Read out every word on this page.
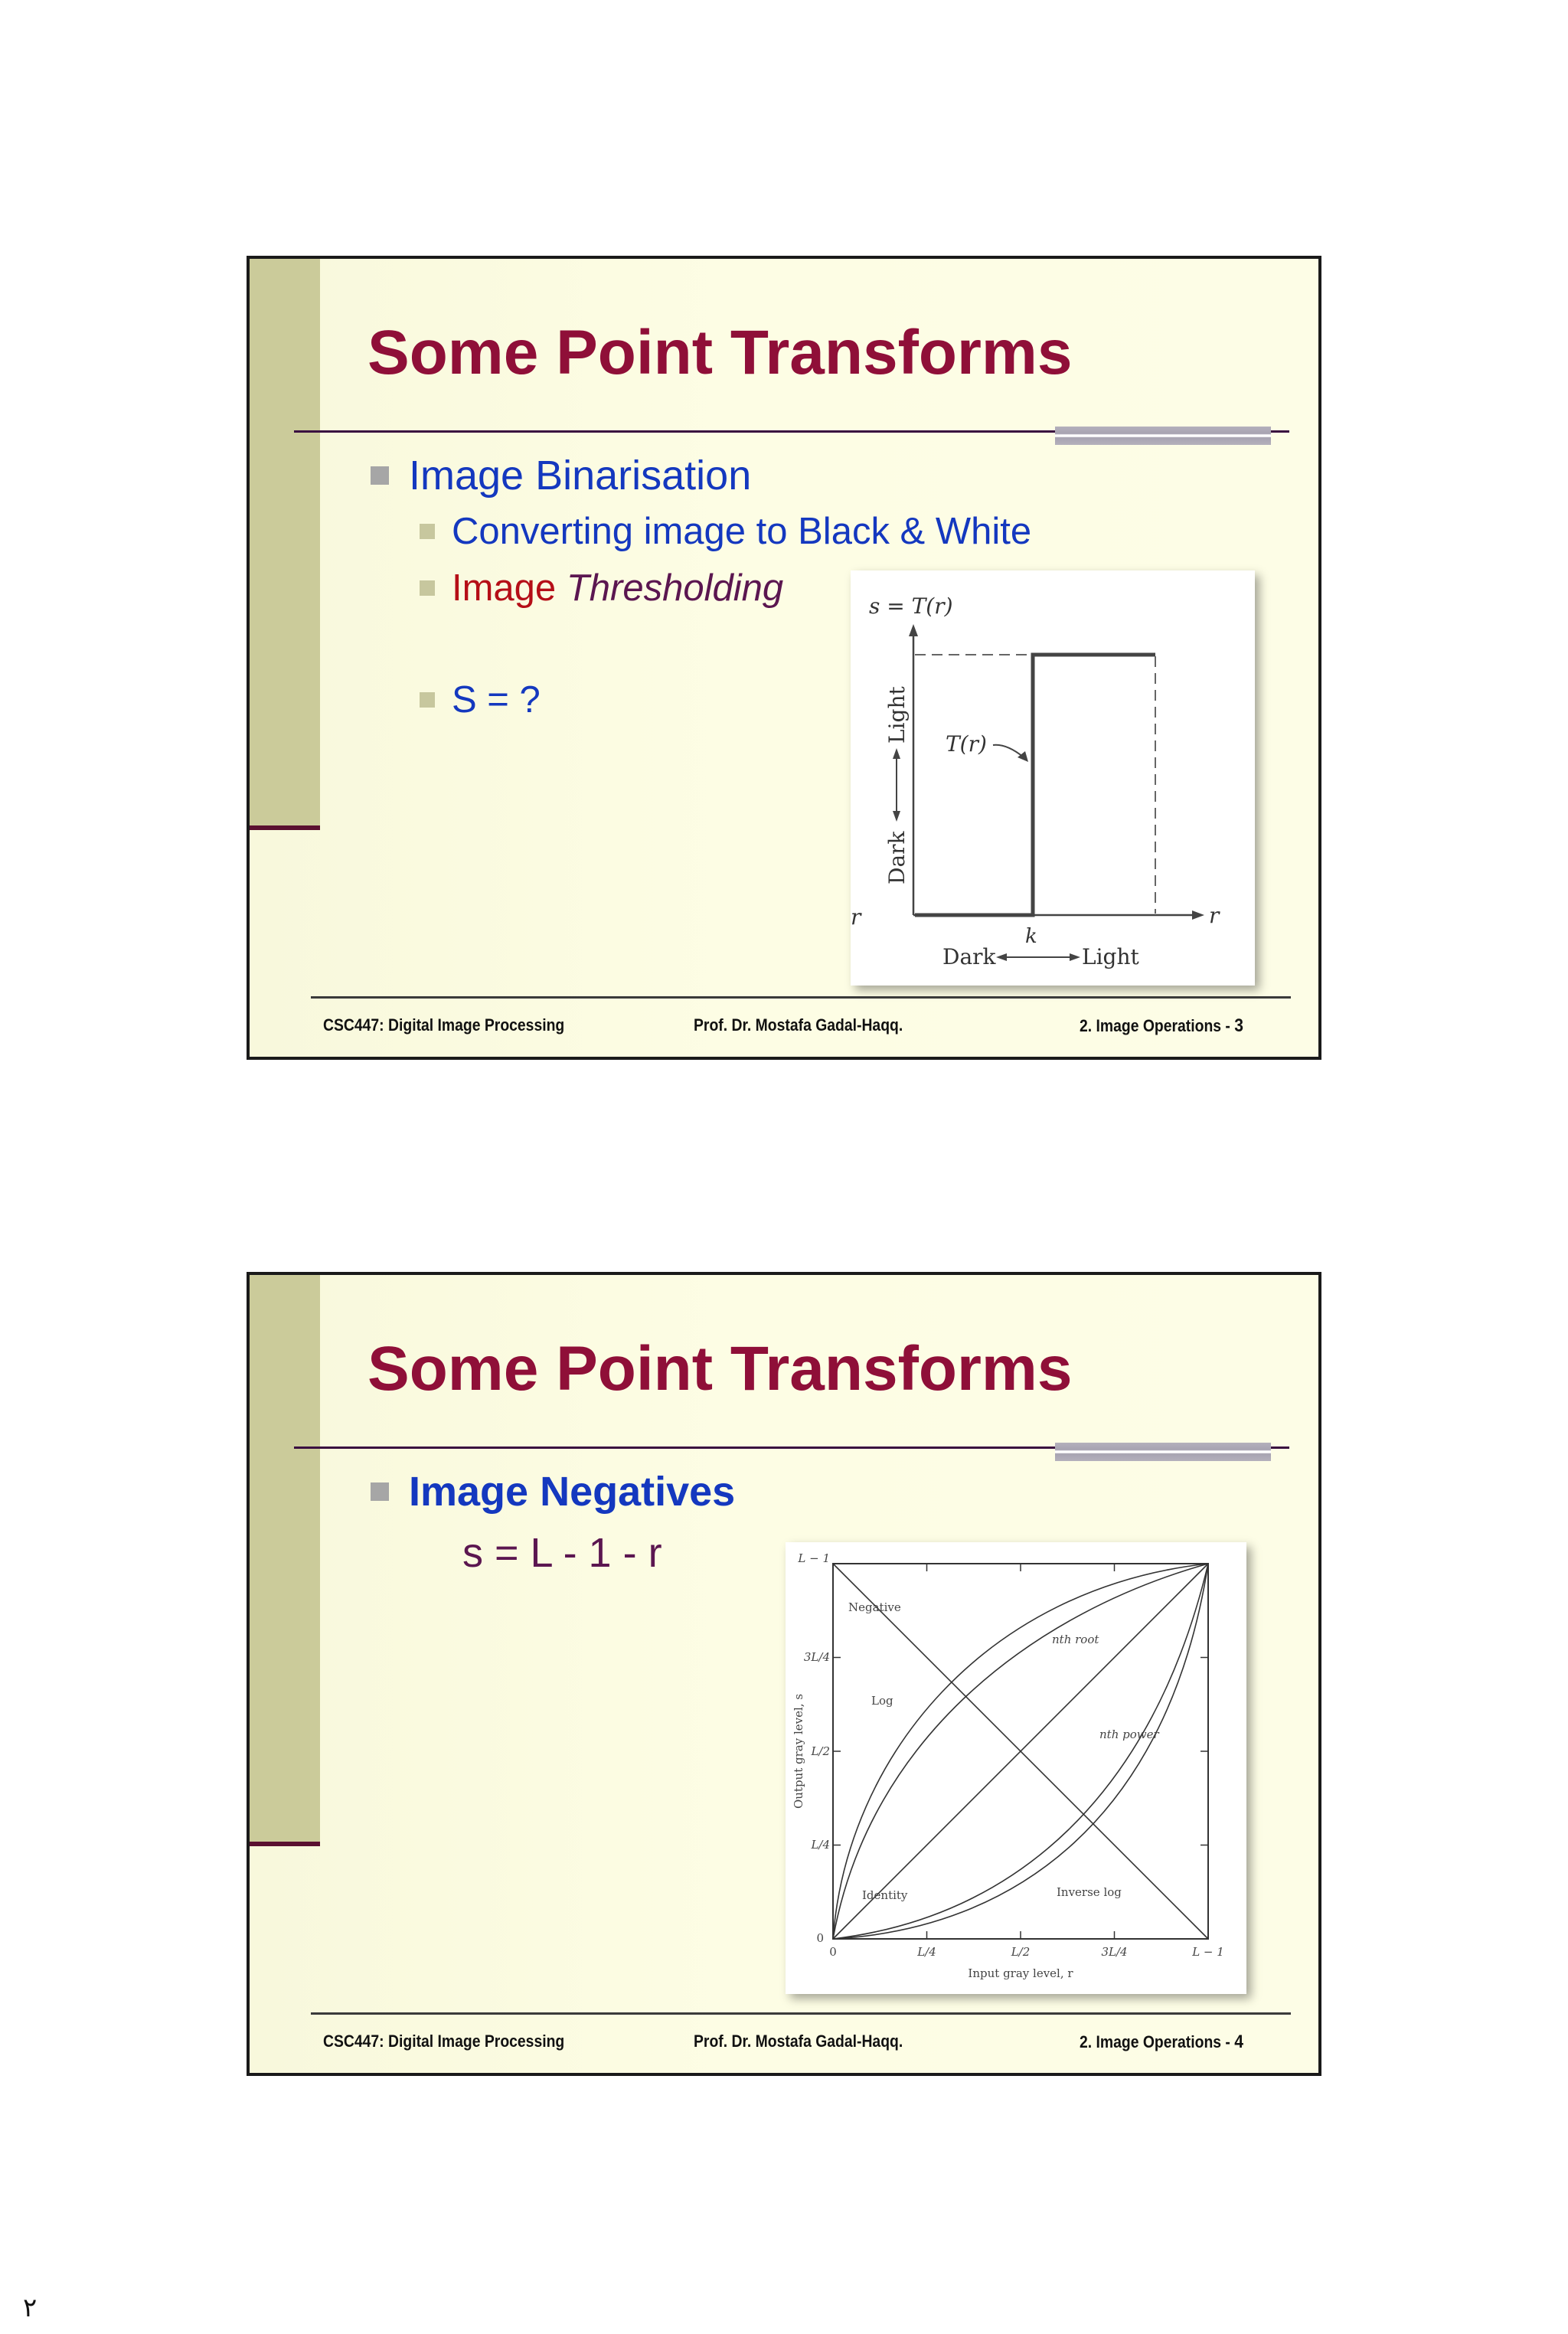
Some Point Transforms
Image Binarisation
Converting image to Black & White
Image
Thresholding
S = ?
s = T(r)
T(r)
Dark
Light
r	r
k
Dark	Light
CSC447: Digital Image Processing	Prof. Dr. Mostafa Gadal-Haqq.	2. Image Operations - 3
Some Point Transforms
Image Negatives
s = L - 1 - r
Negative
nth root
Log
nth power
Identity	Inverse log
0
L/4
L/2
3L/4
L − 1
0	L/4	L/2	3L/4	L − 1
Input gray level, r
Output gray level, s
CSC447: Digital Image Processing	Prof. Dr. Mostafa Gadal-Haqq.	2. Image Operations - 4
٢
